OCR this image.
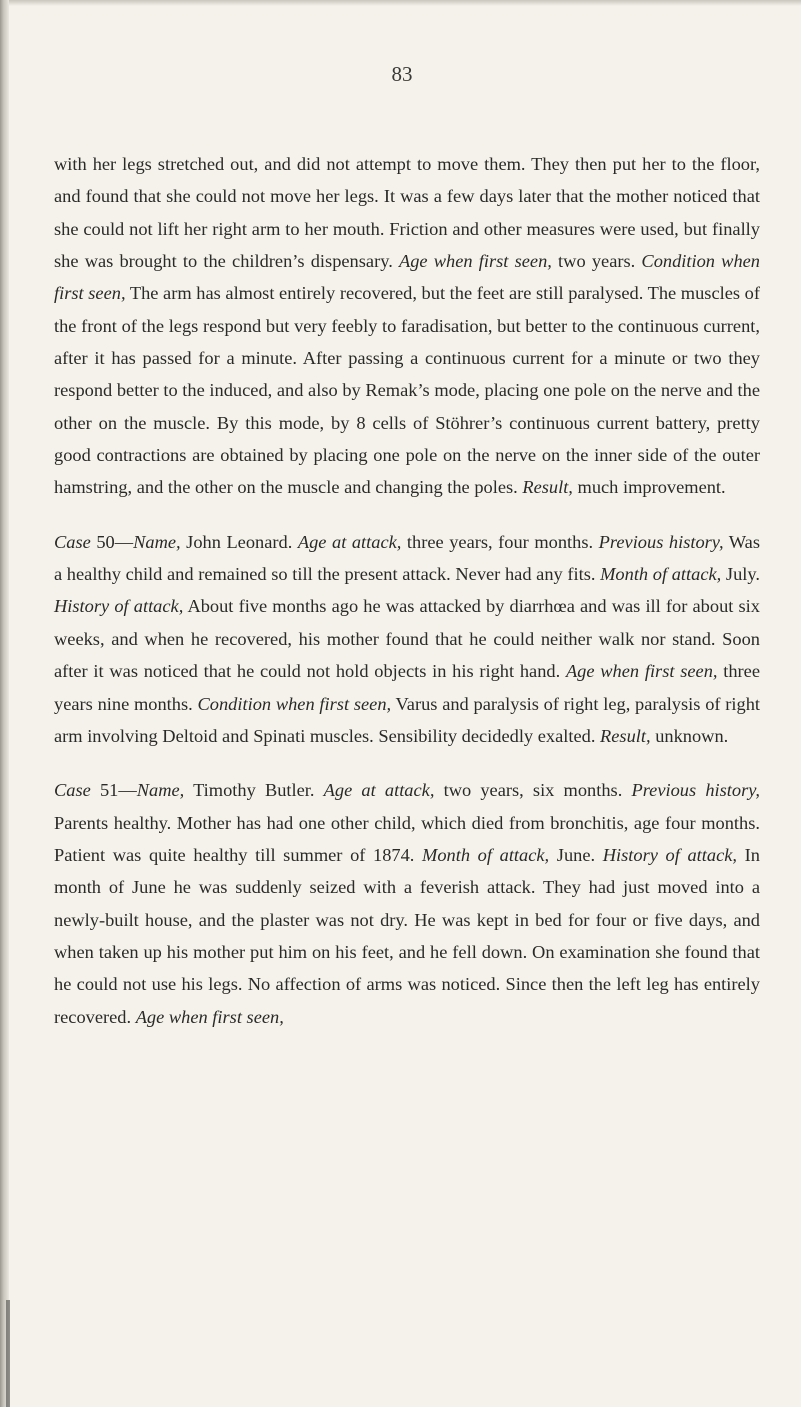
83

with her legs stretched out, and did not attempt to move them. They then put her to the floor, and found that she could not move her legs. It was a few days later that the mother noticed that she could not lift her right arm to her mouth. Friction and other measures were used, but finally she was brought to the children’s dispensary. Age when first seen, two years. Condition when first seen, The arm has almost entirely recovered, but the feet are still paralysed. The muscles of the front of the legs respond but very feebly to faradisation, but better to the continuous current, after it has passed for a minute. After passing a continuous current for a minute or two they respond better to the induced, and also by Remak’s mode, placing one pole on the nerve and the other on the muscle. By this mode, by 8 cells of Stöhrer’s continuous current battery, pretty good contractions are obtained by placing one pole on the nerve on the inner side of the outer hamstring, and the other on the muscle and changing the poles. Result, much improvement.

Case 50—Name, John Leonard. Age at attack, three years, four months. Previous history, Was a healthy child and remained so till the present attack. Never had any fits. Month of attack, July. History of attack, About five months ago he was attacked by diarrhœa and was ill for about six weeks, and when he recovered, his mother found that he could neither walk nor stand. Soon after it was noticed that he could not hold objects in his right hand. Age when first seen, three years nine months. Condition when first seen, Varus and paralysis of right leg, paralysis of right arm involving Deltoid and Spinati muscles. Sensibility decidedly exalted. Result, unknown.

Case 51—Name, Timothy Butler. Age at attack, two years, six months. Previous history, Parents healthy. Mother has had one other child, which died from bronchitis, age four months. Patient was quite healthy till summer of 1874. Month of attack, June. History of attack, In month of June he was suddenly seized with a feverish attack. They had just moved into a newly-built house, and the plaster was not dry. He was kept in bed for four or five days, and when taken up his mother put him on his feet, and he fell down. On examination she found that he could not use his legs. No affection of arms was noticed. Since then the left leg has entirely recovered. Age when first seen,
